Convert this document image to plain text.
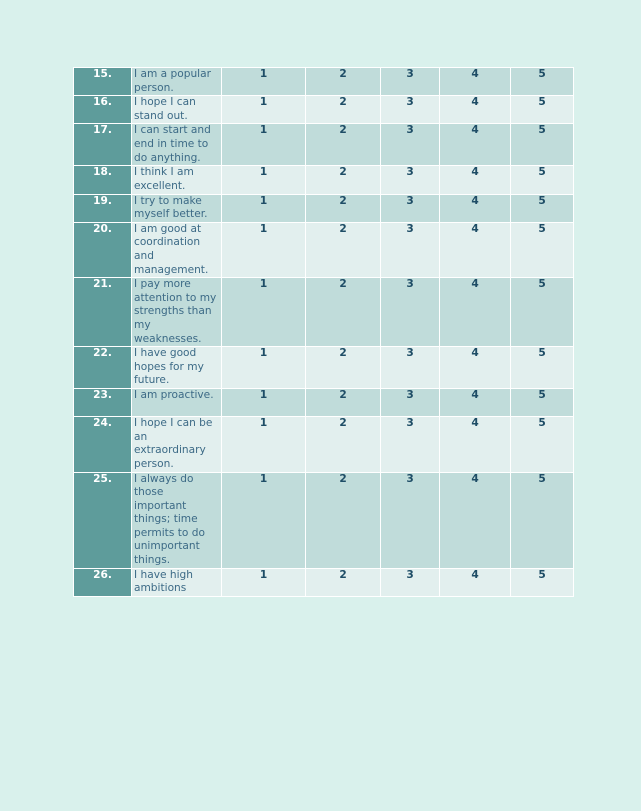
15.	I am a popular person.	1	2	3	4	5
16.	I hope I can stand out.	1	2	3	4	5
17.	I can start and end in time to do anything.	1	2	3	4	5
18.	I think I am excellent.	1	2	3	4	5
19.	I try to make myself better.	1	2	3	4	5
20.	I am good at coordination and management.	1	2	3	4	5
21.	I pay more attention to my strengths than my weaknesses.	1	2	3	4	5
22.	I have good hopes for my future.	1	2	3	4	5
23.	I am proactive.	1	2	3	4	5
24.	I hope I can be an extraordinary person.	1	2	3	4	5
25.	I always do those important things; time permits to do unimportant things.	1	2	3	4	5
26.	I have high ambitions	1	2	3	4	5
